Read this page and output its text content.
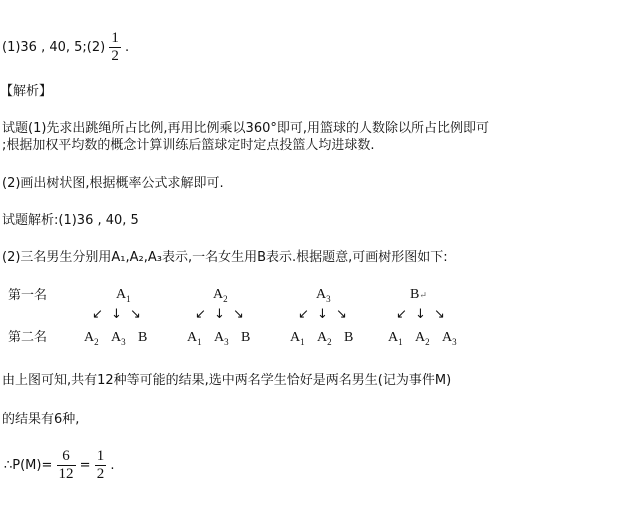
(1)36 , 40, 5;(2) $\frac{1}{2}$ .
【解析】
试题(1)先求出跳绳所占比例,再用比例乘以360°即可,用篮球的人数除以所占比例即可
;根据加权平均数的概念计算训练后篮球定时定点投篮人均进球数.
(2)画出树状图,根据概率公式求解即可.
试题解析:(1)36 , 40, 5
(2)三名男生分别用A₁,A₂,A₃表示,一名女生用B表示.根据题意,可画树形图如下:
第一名
第二名
$A_1$
↙ ↓ ↘
$A_2$ $A_3$ B
$A_2$
↙ ↓ ↘
$A_1$ $A_3$ B
$A_3$
↙ ↓ ↘
$A_1$ $A_2$ B
B↵
↙ ↓ ↘
$A_1$ $A_2$ $A_3$
由上图可知,共有12种等可能的结果,选中两名学生恰好是两名男生(记为事件M)
的结果有6种,
∴P(M)= $\frac{6}{12} = \frac{1}{2}$ .
